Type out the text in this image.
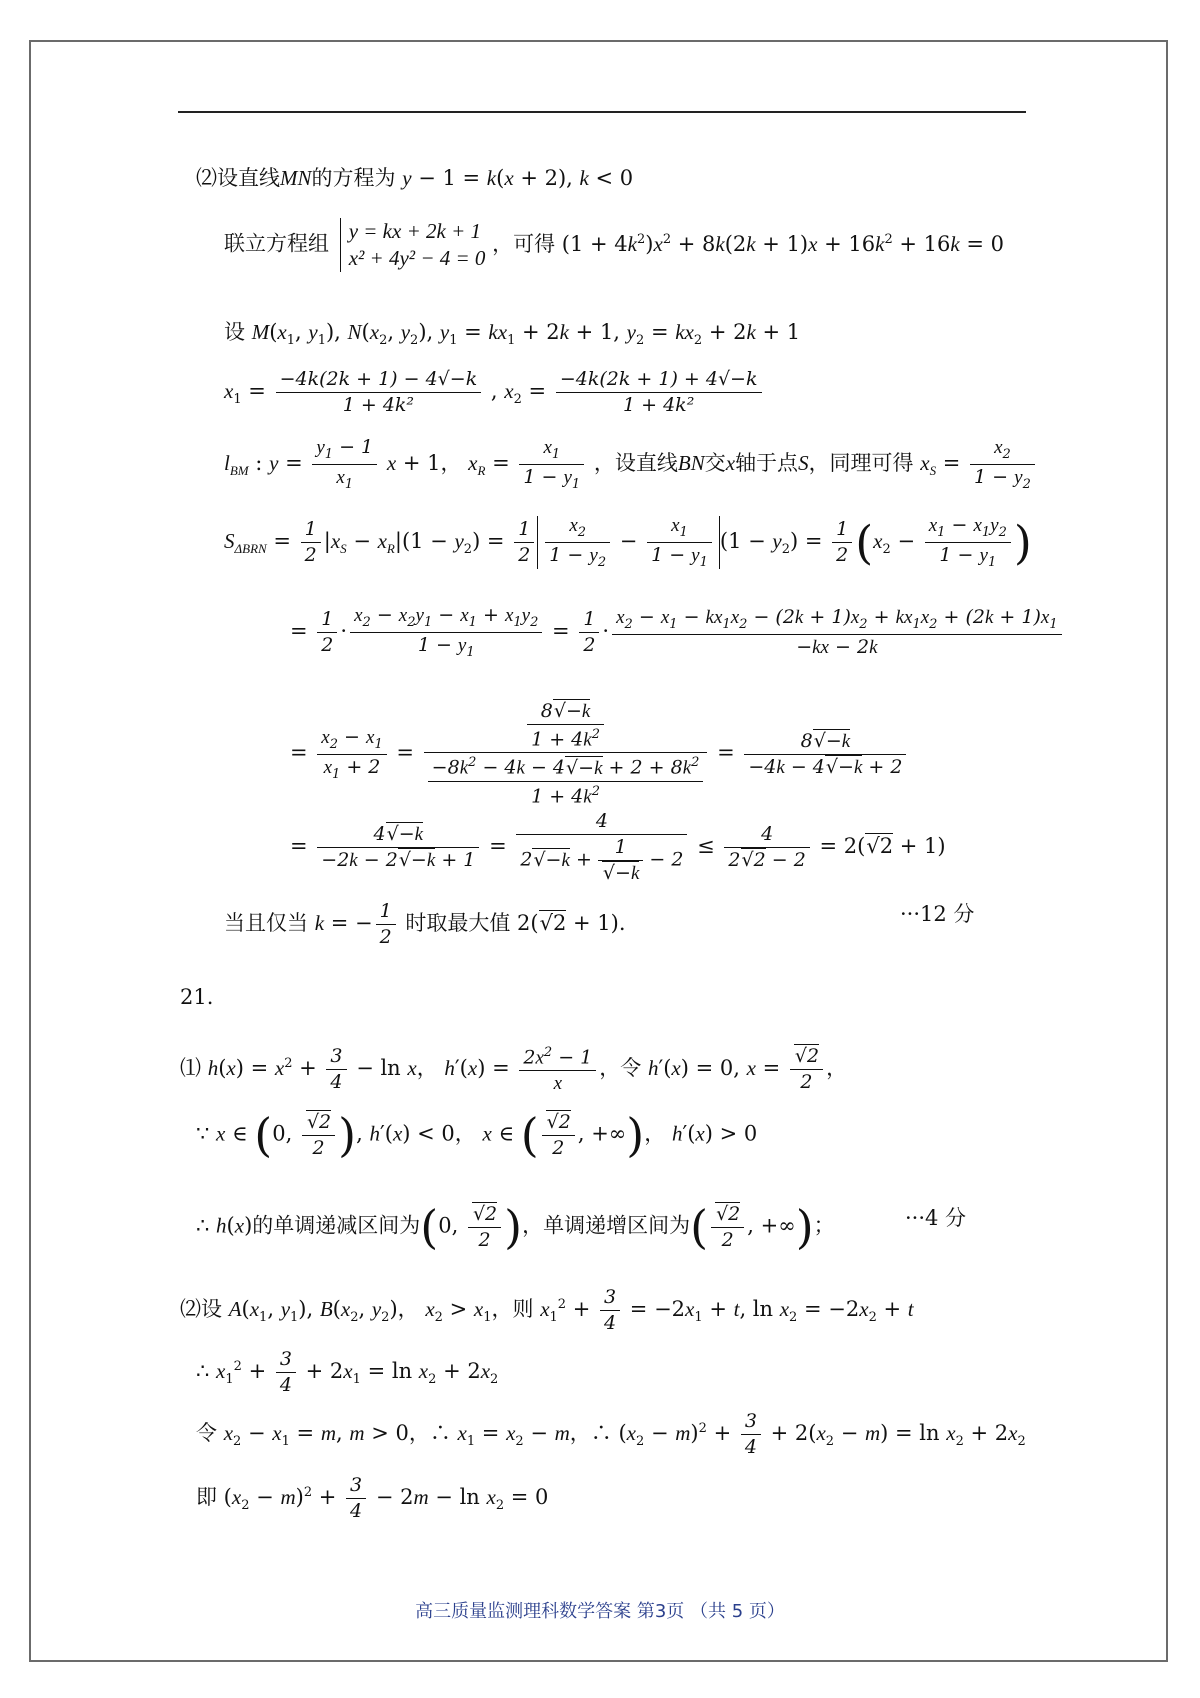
⑵设直线MN的方程为 y − 1 = k(x + 2), k < 0
联立方程组
y = kx + 2k + 1
x² + 4y² − 4 = 0
，可得 $(1 + 4k^2)x^2 + 8k(2k + 1)x + 16k^2 + 16k = 0$
设 $M(x_1$, $y_1$), $N(x_2$, $y_2$), $y_1 = kx_1 + 2k + 1$, $y_2 = kx_2 + 2k + 1$
$x_1 = \frac{-4k(2k + 1) - 4√-k}{\text{1 + 4k²}}$ , $x_2 = \frac{-4k(2k + 1) + 4√-k}{\text{1 + 4k²}}$
$l_{BM}$ : $y = \frac{y_1 - 1}{x_1}$ x + 1， $x_R = \frac{x_1}{1 - y_1}$ ，设直线BN交x轴于点S，同理可得 $x_S = \frac{x_2}{1 - y_2}$
$S_{\Delta BRN} = \frac{1}{2} |x_S - x_R|(1 - y_2) = \frac{1}{2} \frac{x_2}{1 - y_2} - \frac{x_1}{1 - y_1} (1 - y_2) = \frac{1}{2} (x_2 - \frac{x_1 - x_1y_2}{1 - y_1}$ )
= $\frac{1}{2} \cdot \frac{x_2 - x_2y_1 - x_1 + x_1y_2}{1 - y_1} = \frac{1}{2} \cdot \frac{x_2 - x_1 - kx_1x_2 - (2k + 1)x_2 + kx_1x_2 + (2k + 1)x_1}{-kx - 2k}$
= $\frac{x_2 - x_1}{x_1 + 2} = \frac{\frac{8√-k}{1 + 4k^2}}{\frac{-8k^2 - 4k - 4√-k + 2 + 8k^2}{1 + 4k^2}} = \frac{8√-k}{-4k - 4√-k + 2}$
= $\frac{4√-k}{-2k - 2√-k + 1} = \frac{4}{2√-k + \frac{1}{√-k} - 2} \le \frac{4}{2√2 - 2} = 2(√2 + 1)$
当且仅当 k = − $\frac{1}{2}$ 时取最大值 2(√2 + 1).	···12 分
21.
⑴ $h(x) = x^2 + \frac{3}{4} - \ln x$， $h'(x) = \frac{2x^2 - 1}{x}$ ，令 h′(x) = 0, $x = \frac{√2}{2}$ ，
∵ x ∈ (0, $\frac{√2}{2}$ ), h′(x) < 0， x ∈ ( $\frac{√2}{2}$ , +∞)， h′(x) > 0
∴ h(x)的单调递减区间为(0, $\frac{√2}{2}$ )，单调递增区间为( $\frac{√2}{2}$ , +∞)；	···4 分
⑵设 $A(x_1$, $y_1$), $B(x_2$, $y_2$)， $x_2 > x_1$，则 $x_1^2 + \frac{3}{4} = -2x_1 + t$, $\ln x_2 = -2x_2 + t$
∴ $x_1^2 + \frac{3}{4} + 2x_1 = \ln x_2 + 2x_2$
令 $x_2 - x_1 = m$, m > 0，∴ $x_1 = x_2 - m$，∴ $(x_2 - m)^2 + \frac{3}{4} + 2(x_2 - m) = \ln x_2 + 2x_2$
即 $(x_2 - m)^2 + \frac{3}{4} - 2m - \ln x_2 = 0$
高三质量监测理科数学答案 第3页 （共 5 页）
